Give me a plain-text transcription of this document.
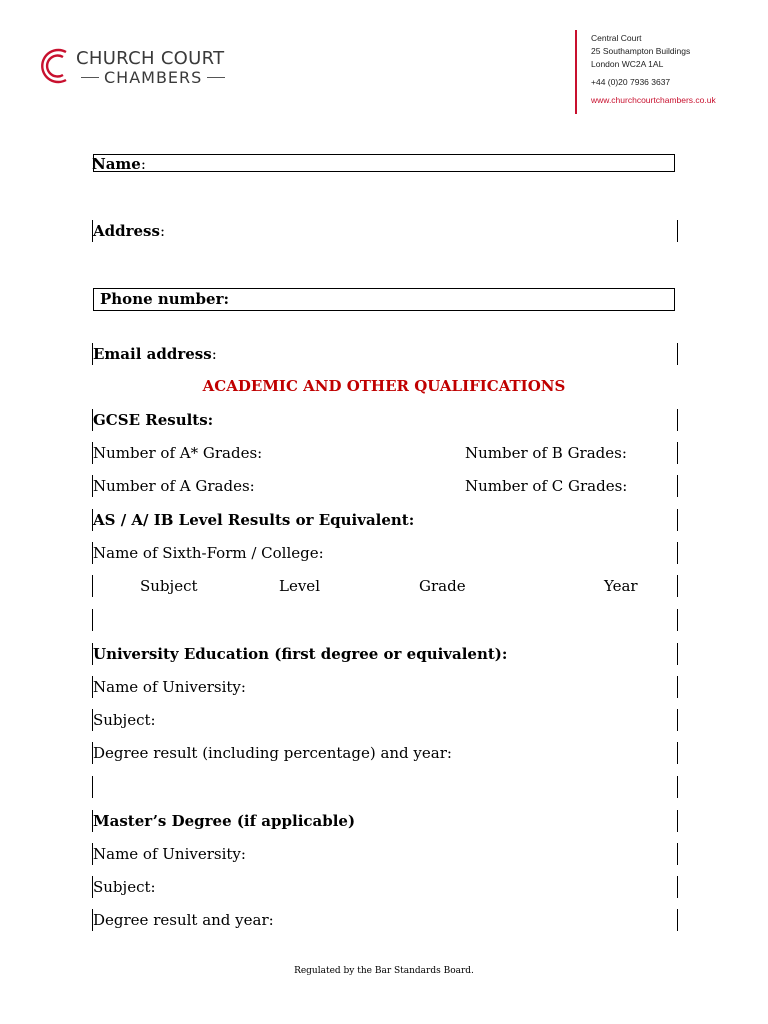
CHURCH COURT
CHAMBERS
Central Court
25 Southampton Buildings
London WC2A 1AL
+44 (0)20 7936 3637
www.churchcourtchambers.co.uk
Name:
Address:
Phone number:
Email address:
ACADEMIC AND OTHER QUALIFICATIONS
GCSE Results:
Number of A* Grades:	Number of B Grades:
Number of A Grades:	Number of C Grades:
AS / A/ IB Level Results or Equivalent:
Name of Sixth-Form / College:
Subject	Level	Grade	Year
University Education (first degree or equivalent):
Name of University:
Subject:
Degree result (including percentage) and year:
Master’s Degree (if applicable)
Name of University:
Subject:
Degree result and year:
Regulated by the Bar Standards Board.
